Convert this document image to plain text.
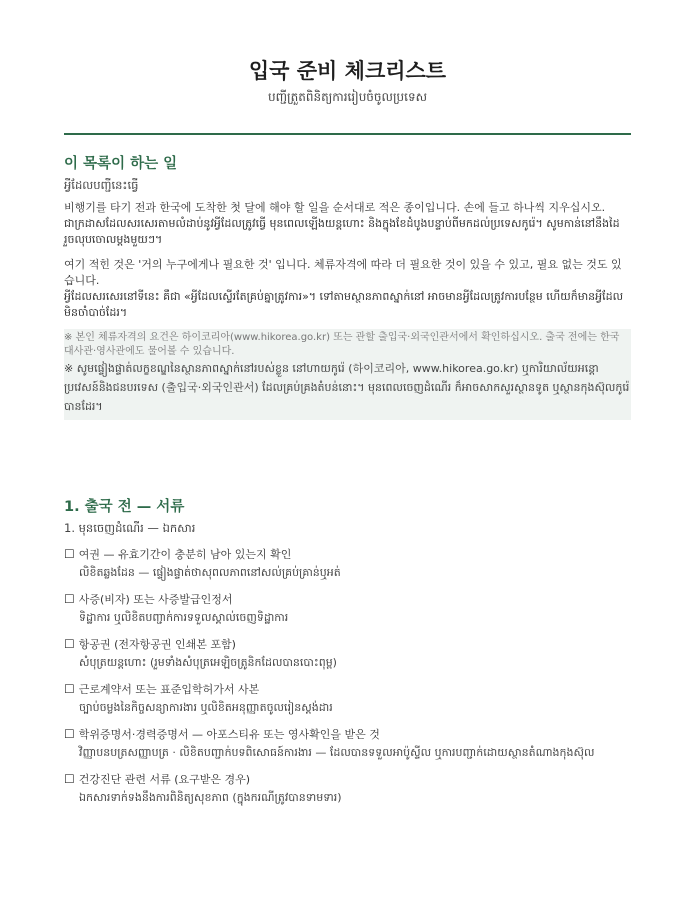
입국 준비 체크리스트
បញ្ជីត្រួតពិនិត្យការរៀបចំចូលប្រទេស
이 목록이 하는 일
អ្វីដែលបញ្ជីនេះធ្វើ

비행기를 타기 전과 한국에 도착한 첫 달에 해야 할 일을 순서대로 적은 종이입니다. 손에 들고 하나씩 지우십시오.

ជាក្រដាសដែលសរសេរតាមលំដាប់នូវអ្វីដែលត្រូវធ្វើ មុនពេលឡើងយន្តហោះ និងក្នុងខែដំបូងបន្ទាប់ពីមកដល់ប្រទេសកូរ៉េ។ សូមកាន់នៅនឹងដៃ រួចលុបចោលម្តងមួយៗ។

여기 적힌 것은 '거의 누구에게나 필요한 것' 입니다. 체류자격에 따라 더 필요한 것이 있을 수 있고, 필요 없는 것도 있습니다.

អ្វីដែលសរសេរនៅទីនេះ គឺជា «អ្វីដែលស្ទើរតែគ្រប់គ្នាត្រូវការ»។ ទៅតាមស្ថានភាពស្នាក់នៅ អាចមានអ្វីដែលត្រូវការបន្ថែម ហើយក៏មានអ្វីដែលមិនចាំបាច់ដែរ។

※ 본인 체류자격의 요건은 하이코리아(www.hikorea.go.kr) 또는 관할 출입국·외국인관서에서 확인하십시오. 출국 전에는 한국 대사관·영사관에도 물어볼 수 있습니다.
※ សូមផ្ទៀងផ្ទាត់លក្ខខណ្ឌនៃស្ថានភាពស្នាក់នៅរបស់ខ្លួន នៅហាយកូរ៉េ (하이코리아, www.hikorea.go.kr) ឬការិយាល័យអន្តោប្រវេសន៍និងជនបរទេស (출입국·외국인관서) ដែលគ្រប់គ្រងតំបន់នោះ។ មុនពេលចេញដំណើរ ក៏អាចសាកសួរស្ថានទូត ឬស្ថានកុងស៊ុលកូរ៉េបានដែរ។
1. 출국 전 — 서류
1. មុនចេញដំណើរ — ឯកសារ
☐ 여권 — 유효기간이 충분히 남아 있는지 확인
លិខិតឆ្លងដែន — ផ្ទៀងផ្ទាត់ថាសុពលភាពនៅសល់គ្រប់គ្រាន់ឬអត់
☐ 사증(비자) 또는 사증발급인정서
ទិដ្ឋាការ ឬលិខិតបញ្ជាក់ការទទួលស្គាល់ចេញទិដ្ឋាការ
☐ 항공권 (전자항공권 인쇄본 포함)
សំបុត្រយន្តហោះ (រួមទាំងសំបុត្រអេឡិចត្រូនិកដែលបានបោះពុម្ព)
☐ 근로계약서 또는 표준입학허가서 사본
ច្បាប់ចម្លងនៃកិច្ចសន្យាការងារ ឬលិខិតអនុញ្ញាតចូលរៀនស្តង់ដារ
☐ 학위증명서·경력증명서 — 아포스티유 또는 영사확인을 받은 것
វិញ្ញាបនបត្រសញ្ញាបត្រ · លិខិតបញ្ជាក់បទពិសោធន៍ការងារ — ដែលបានទទួលអាប៉ូស្ទីល ឬការបញ្ជាក់ដោយស្ថានតំណាងកុងស៊ុល
☐ 건강진단 관련 서류 (요구받은 경우)
ឯកសារទាក់ទងនឹងការពិនិត្យសុខភាព (ក្នុងករណីត្រូវបានទាមទារ)
